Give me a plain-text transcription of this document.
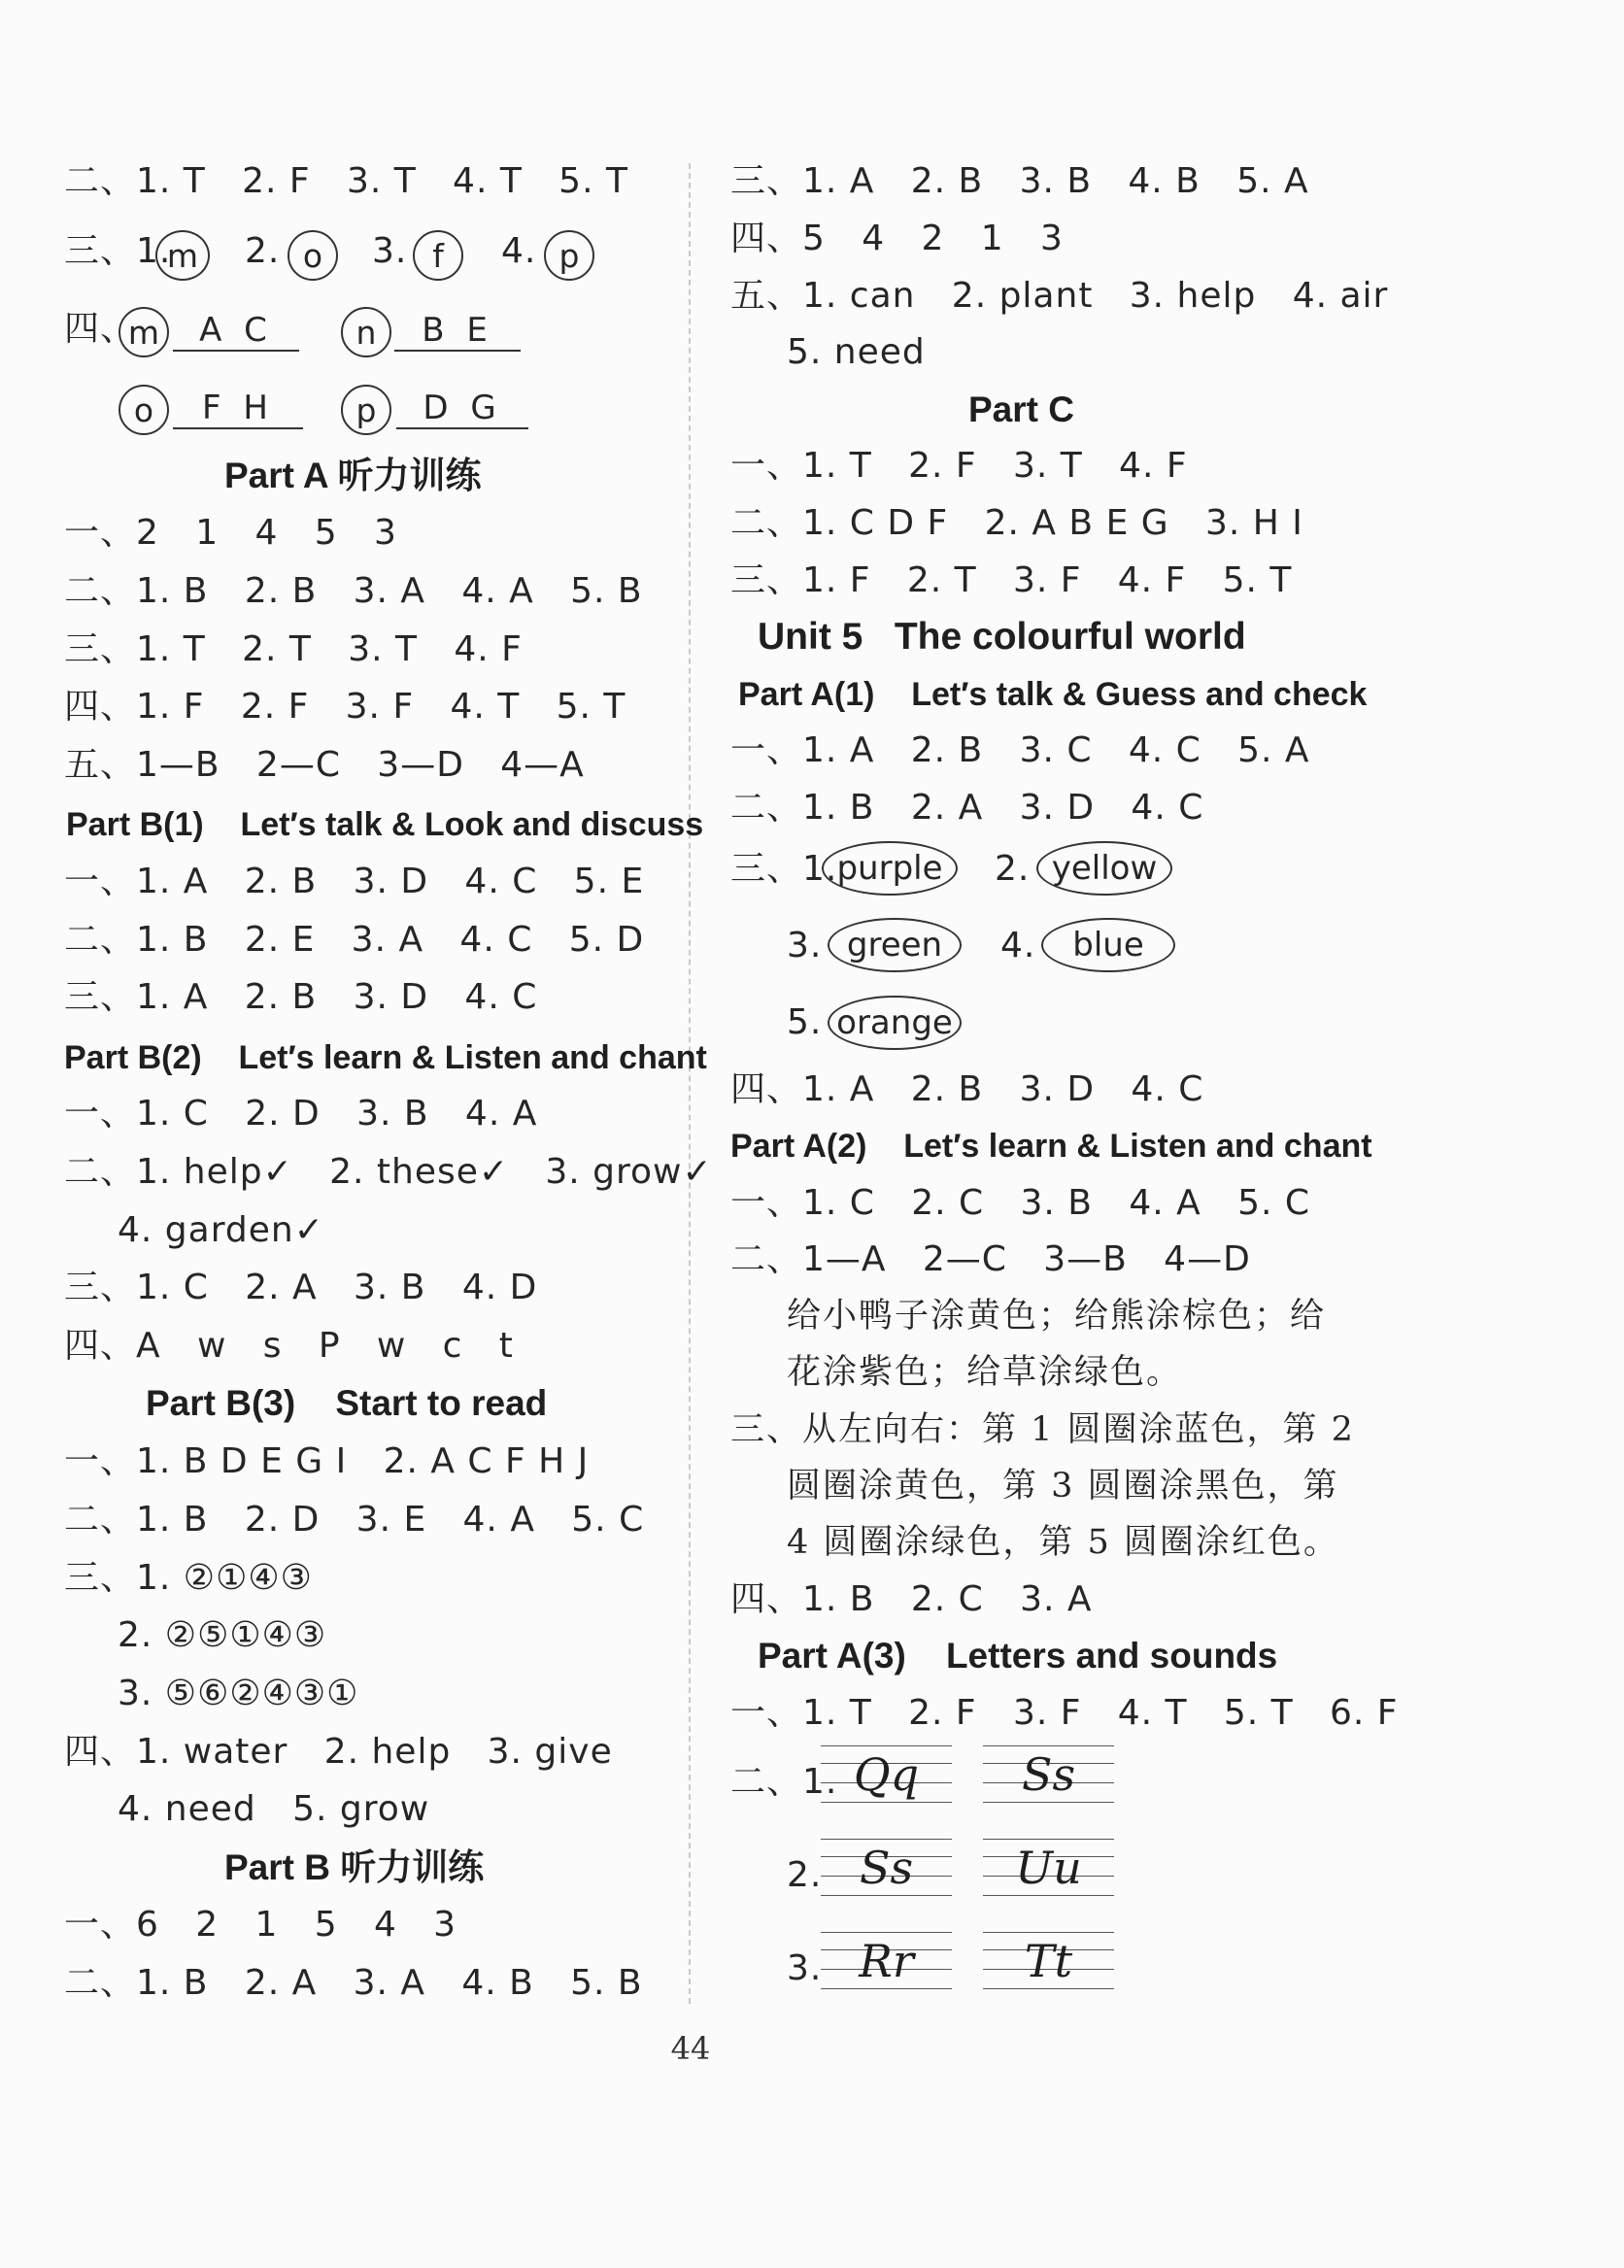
二、1. T   2. F   3. T   4. T   5. T
三、1.
m	2. o	3. f	4. p
四、
m	A C	n	B E
o	F H	p	D G
Part A 听力训练
一、2   1   4   5   3
二、1. B   2. B   3. A   4. A   5. B
三、1. T   2. T   3. T   4. F
四、1. F   2. F   3. F   4. T   5. T
五、1—B   2—C   3—D   4—A
Part B(1)    Let′s talk & Look and discuss
一、1. A   2. B   3. D   4. C   5. E
二、1. B   2. E   3. A   4. C   5. D
三、1. A   2. B   3. D   4. C
Part B(2)    Let′s learn & Listen and chant
一、1. C   2. D   3. B   4. A
二、1. help✓   2. these✓   3. grow✓
4. garden✓
三、1. C   2. A   3. B   4. D
四、A   w   s   P   w   c   t
Part B(3)    Start to read
一、1. B D E G I   2. A C F H J
二、1. B   2. D   3. E   4. A   5. C
三、1. ②①④③
2. ②⑤①④③
3. ⑤⑥②④③①
四、1. water   2. help   3. give
4. need   5. grow
Part B 听力训练
一、6   2   1   5   4   3
二、1. B   2. A   3. A   4. B   5. B
三、1. A   2. B   3. B   4. B   5. A
四、5   4   2   1   3
五、1. can   2. plant   3. help   4. air
5. need
Part C
一、1. T   2. F   3. T   4. F
二、1. C D F   2. A B E G   3. H I
三、1. F   2. T   3. F   4. F   5. T
Unit 5   The colourful world
Part A(1)    Let′s talk & Guess and check
一、1. A   2. B   3. C   4. C   5. A
二、1. B   2. A   3. D   4. C
三、1. purple	2. yellow
3. green	4.	blue
5. orange
四、1. A   2. B   3. D   4. C
Part A(2)    Let′s learn & Listen and chant
一、1. C   2. C   3. B   4. A   5. C
二、1—A   2—C   3—B   4—D
给小鸭子涂黄色；给熊涂棕色；给
花涂紫色；给草涂绿色。
三、从左向右：第 1 圆圈涂蓝色，第 2
圆圈涂黄色，第 3 圆圈涂黑色，第
4 圆圈涂绿色，第 5 圆圈涂红色。
四、1. B   2. C   3. A
Part A(3)    Letters and sounds
一、1. T   2. F   3. F   4. T   5. T   6. F
二、1. Qq	Ss
2. Ss	Uu
3. Rr	Tt
44
